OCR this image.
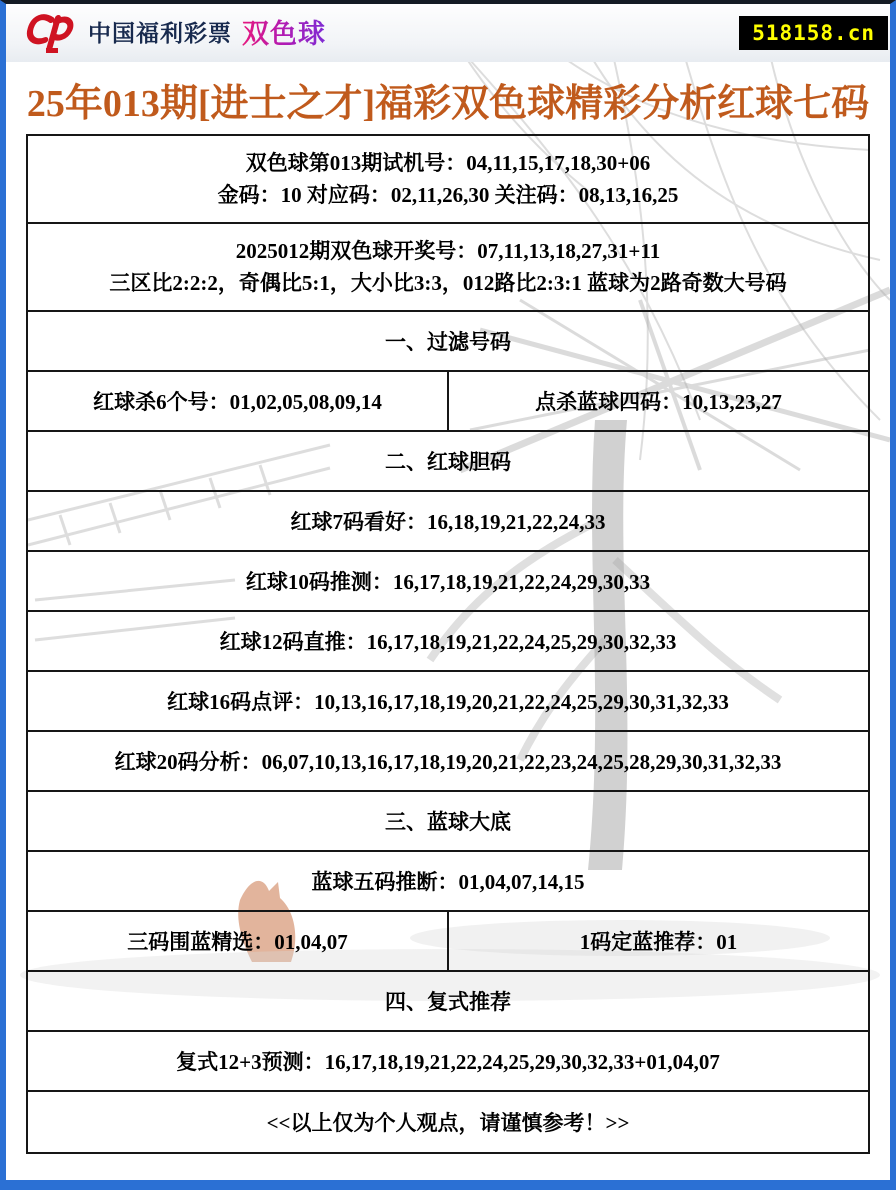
中国福利彩票 双色球	518158.cn
25年013期[进士之才]福彩双色球精彩分析红球七码
双色球第013期试机号：04,11,15,17,18,30+06
金码：10 对应码：02,11,26,30 关注码：08,13,16,25
2025012期双色球开奖号：07,11,13,18,27,31+11
三区比2:2:2，奇偶比5:1，大小比3:3，012路比2:3:1 蓝球为2路奇数大号码
一、过滤号码
红球杀6个号：01,02,05,08,09,14	点杀蓝球四码：10,13,23,27
二、红球胆码
红球7码看好：16,18,19,21,22,24,33
红球10码推测：16,17,18,19,21,22,24,29,30,33
红球12码直推：16,17,18,19,21,22,24,25,29,30,32,33
红球16码点评：10,13,16,17,18,19,20,21,22,24,25,29,30,31,32,33
红球20码分析：06,07,10,13,16,17,18,19,20,21,22,23,24,25,28,29,30,31,32,33
三、蓝球大底
蓝球五码推断：01,04,07,14,15
三码围蓝精选：01,04,07	1码定蓝推荐：01
四、复式推荐
复式12+3预测：16,17,18,19,21,22,24,25,29,30,32,33+01,04,07
<<以上仅为个人观点，请谨慎参考！>>
